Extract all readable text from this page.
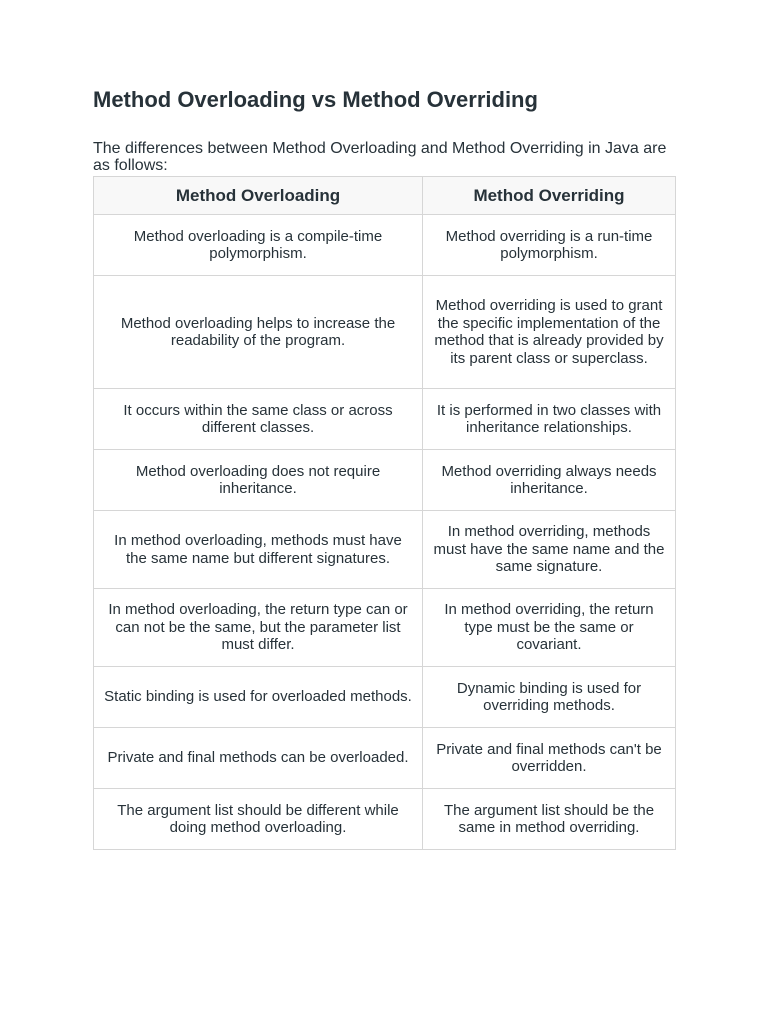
Method Overloading vs Method Overriding

The differences between Method Overloading and Method Overriding in Java are as follows:

Method Overloading	Method Overriding
Method overloading is a compile-time polymorphism.	Method overriding is a run-time polymorphism.
Method overloading helps to increase the readability of the program.	Method overriding is used to grant the specific implementation of the method that is already provided by its parent class or superclass.
It occurs within the same class or across different classes.	It is performed in two classes with inheritance relationships.
Method overloading does not require inheritance.	Method overriding always needs inheritance.
In method overloading, methods must have the same name but different signatures.	In method overriding, methods must have the same name and the same signature.
In method overloading, the return type can or can not be the same, but the parameter list must differ.	In method overriding, the return type must be the same or covariant.
Static binding is used for overloaded methods.	Dynamic binding is used for overriding methods.
Private and final methods can be overloaded.	Private and final methods can't be overridden.
The argument list should be different while doing method overloading.	The argument list should be the same in method overriding.
